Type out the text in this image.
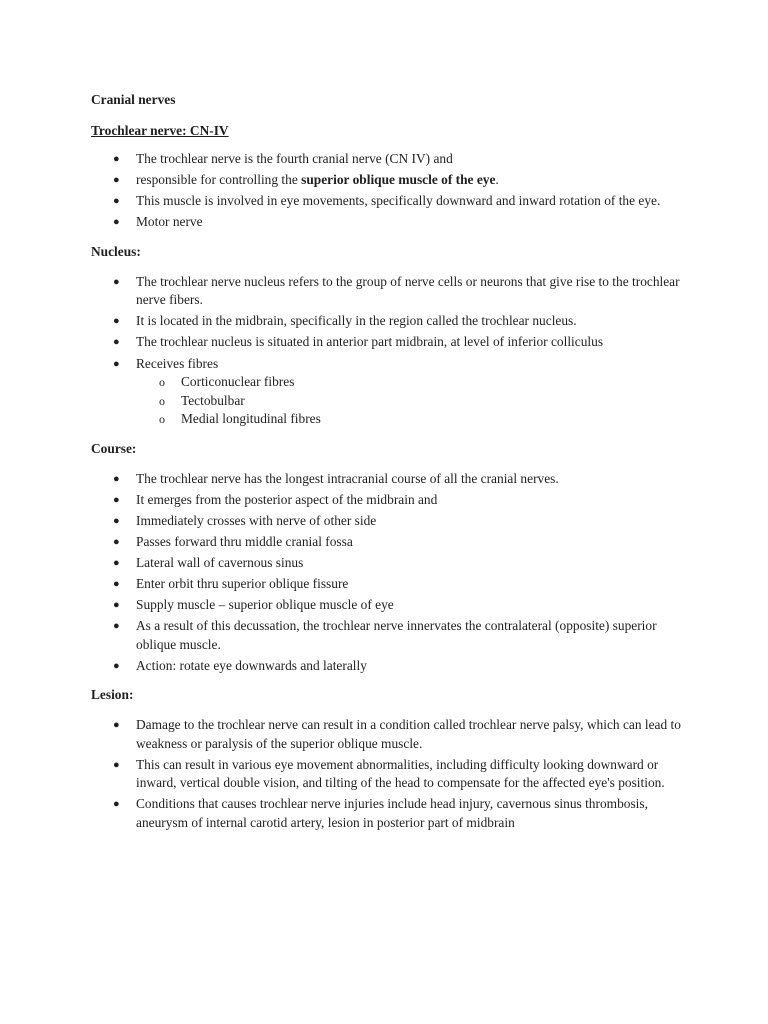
Cranial nerves

Trochlear nerve: CN-IV

● The trochlear nerve is the fourth cranial nerve (CN IV) and
● responsible for controlling the superior oblique muscle of the eye.
● This muscle is involved in eye movements, specifically downward and inward rotation of the eye.
● Motor nerve

Nucleus:

● The trochlear nerve nucleus refers to the group of nerve cells or neurons that give rise to the trochlear nerve fibers.
● It is located in the midbrain, specifically in the region called the trochlear nucleus.
● The trochlear nucleus is situated in anterior part midbrain, at level of inferior colliculus
● Receives fibres
o Corticonuclear fibres
o Tectobulbar
o Medial longitudinal fibres

Course:

● The trochlear nerve has the longest intracranial course of all the cranial nerves.
● It emerges from the posterior aspect of the midbrain and
● Immediately crosses with nerve of other side
● Passes forward thru middle cranial fossa
● Lateral wall of cavernous sinus
● Enter orbit thru superior oblique fissure
● Supply muscle – superior oblique muscle of eye
● As a result of this decussation, the trochlear nerve innervates the contralateral (opposite) superior oblique muscle.
● Action: rotate eye downwards and laterally

Lesion:

● Damage to the trochlear nerve can result in a condition called trochlear nerve palsy, which can lead to weakness or paralysis of the superior oblique muscle.
● This can result in various eye movement abnormalities, including difficulty looking downward or inward, vertical double vision, and tilting of the head to compensate for the affected eye's position.
● Conditions that causes trochlear nerve injuries include head injury, cavernous sinus thrombosis, aneurysm of internal carotid artery, lesion in posterior part of midbrain
